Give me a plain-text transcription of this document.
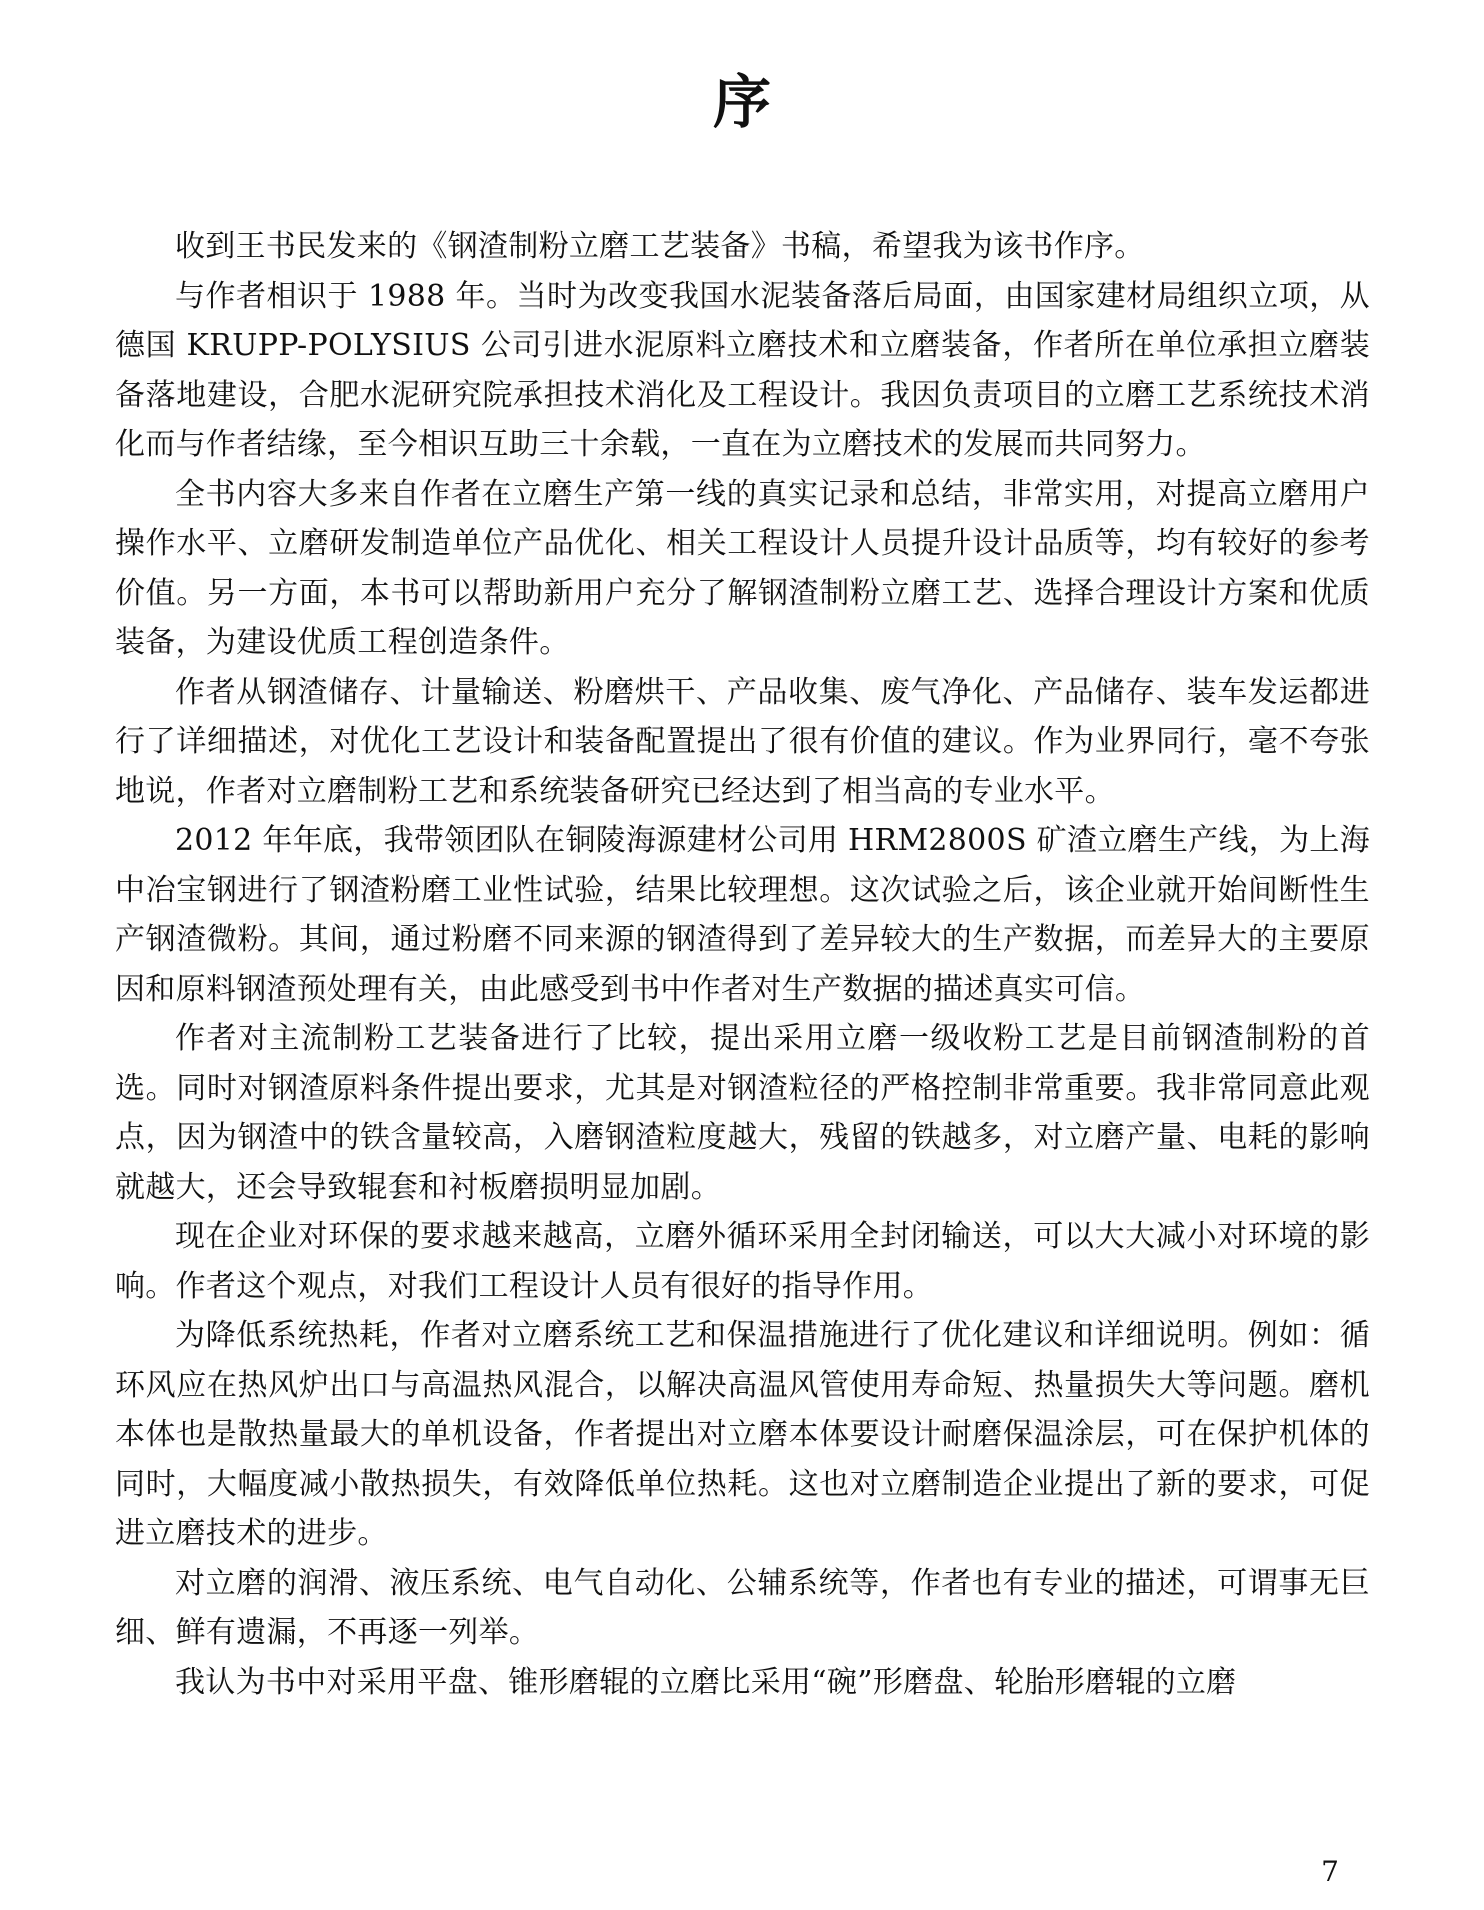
序

收到王书民发来的《钢渣制粉立磨工艺装备》书稿，希望我为该书作序。

与作者相识于 1988 年。当时为改变我国水泥装备落后局面，由国家建材局组织立项，从德国 KRUPP-POLYSIUS 公司引进水泥原料立磨技术和立磨装备，作者所在单位承担立磨装备落地建设，合肥水泥研究院承担技术消化及工程设计。我因负责项目的立磨工艺系统技术消化而与作者结缘，至今相识互助三十余载，一直在为立磨技术的发展而共同努力。

全书内容大多来自作者在立磨生产第一线的真实记录和总结，非常实用，对提高立磨用户操作水平、立磨研发制造单位产品优化、相关工程设计人员提升设计品质等，均有较好的参考价值。另一方面，本书可以帮助新用户充分了解钢渣制粉立磨工艺、选择合理设计方案和优质装备，为建设优质工程创造条件。

作者从钢渣储存、计量输送、粉磨烘干、产品收集、废气净化、产品储存、装车发运都进行了详细描述，对优化工艺设计和装备配置提出了很有价值的建议。作为业界同行，毫不夸张地说，作者对立磨制粉工艺和系统装备研究已经达到了相当高的专业水平。

2012 年年底，我带领团队在铜陵海源建材公司用 HRM2800S 矿渣立磨生产线，为上海中冶宝钢进行了钢渣粉磨工业性试验，结果比较理想。这次试验之后，该企业就开始间断性生产钢渣微粉。其间，通过粉磨不同来源的钢渣得到了差异较大的生产数据，而差异大的主要原因和原料钢渣预处理有关，由此感受到书中作者对生产数据的描述真实可信。

作者对主流制粉工艺装备进行了比较，提出采用立磨一级收粉工艺是目前钢渣制粉的首选。同时对钢渣原料条件提出要求，尤其是对钢渣粒径的严格控制非常重要。我非常同意此观点，因为钢渣中的铁含量较高，入磨钢渣粒度越大，残留的铁越多，对立磨产量、电耗的影响就越大，还会导致辊套和衬板磨损明显加剧。

现在企业对环保的要求越来越高，立磨外循环采用全封闭输送，可以大大减小对环境的影响。作者这个观点，对我们工程设计人员有很好的指导作用。

为降低系统热耗，作者对立磨系统工艺和保温措施进行了优化建议和详细说明。例如：循环风应在热风炉出口与高温热风混合，以解决高温风管使用寿命短、热量损失大等问题。磨机本体也是散热量最大的单机设备，作者提出对立磨本体要设计耐磨保温涂层，可在保护机体的同时，大幅度减小散热损失，有效降低单位热耗。这也对立磨制造企业提出了新的要求，可促进立磨技术的进步。

对立磨的润滑、液压系统、电气自动化、公辅系统等，作者也有专业的描述，可谓事无巨细、鲜有遗漏，不再逐一列举。

我认为书中对采用平盘、锥形磨辊的立磨比采用“碗”形磨盘、轮胎形磨辊的立磨

7
